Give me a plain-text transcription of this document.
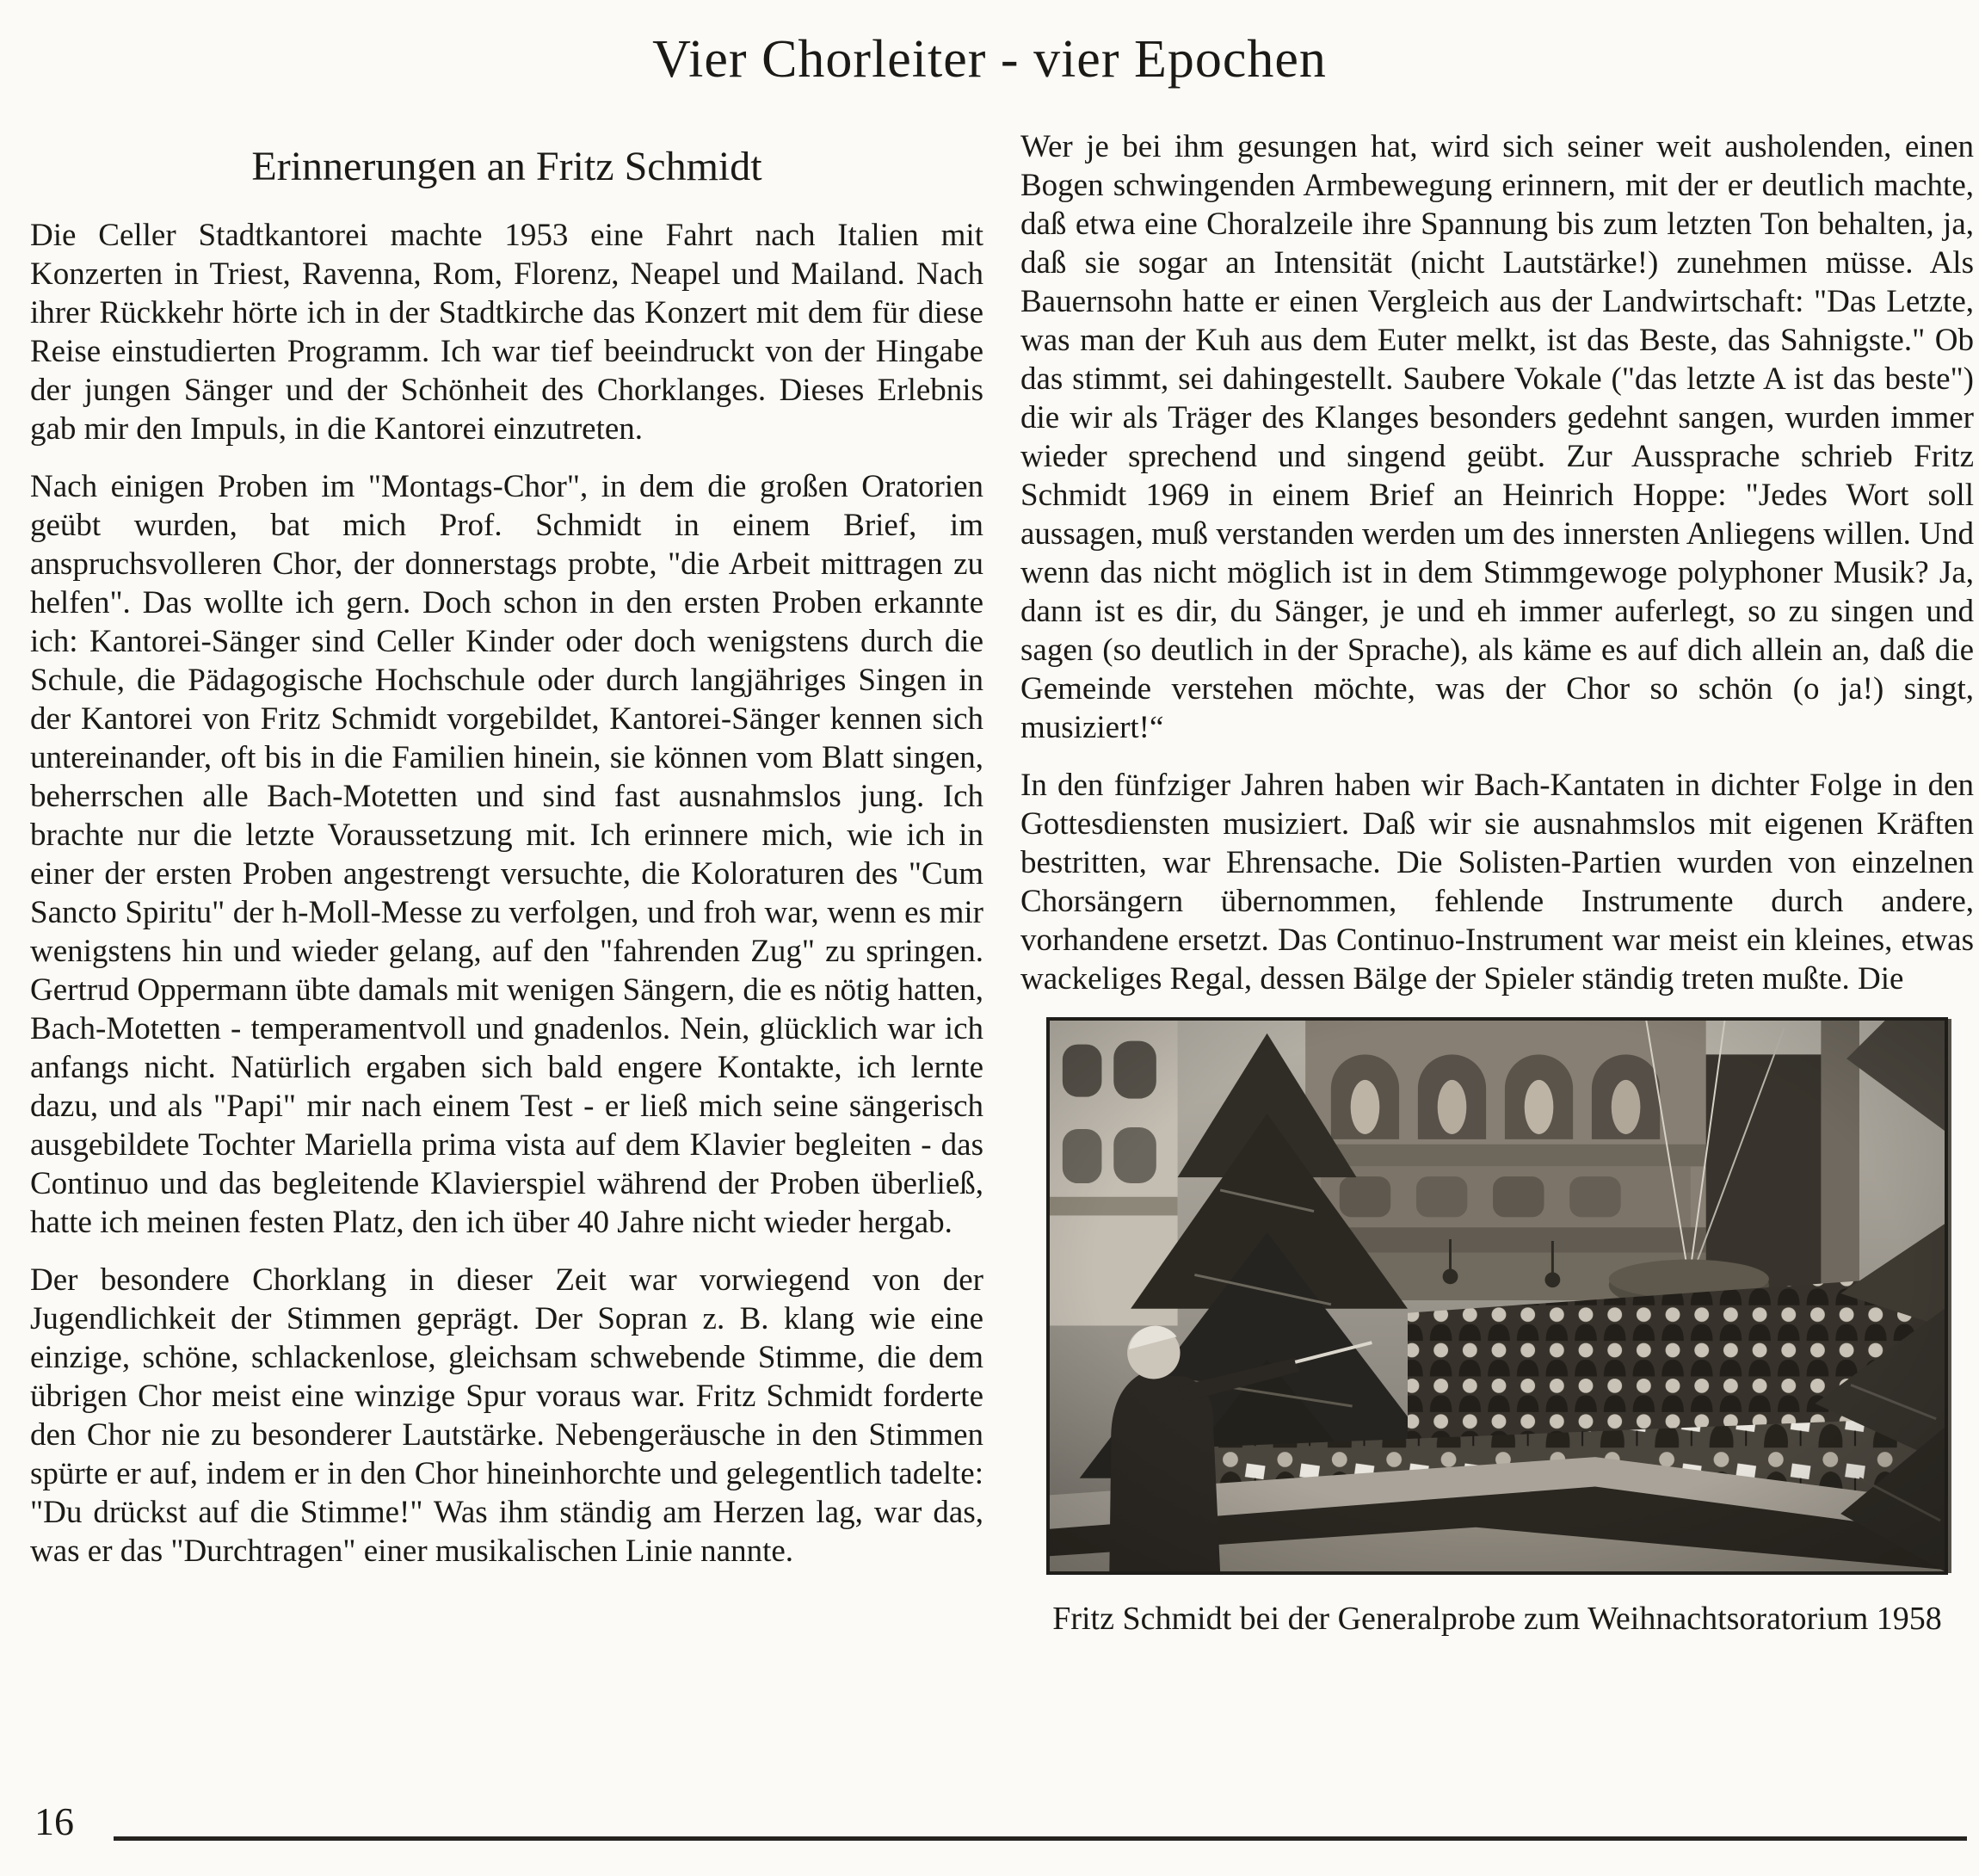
Vier Chorleiter - vier Epochen
Erinnerungen an Fritz Schmidt

Die Celler Stadtkantorei machte 1953 eine Fahrt nach Italien mit Konzerten in Triest, Ravenna, Rom, Florenz, Neapel und Mailand. Nach ihrer Rückkehr hörte ich in der Stadtkirche das Konzert mit dem für diese Reise einstudierten Programm. Ich war tief beeindruckt von der Hingabe der jungen Sänger und der Schönheit des Chorklanges. Dieses Erlebnis gab mir den Impuls, in die Kantorei einzutreten.

Nach einigen Proben im "Montags-Chor", in dem die großen Oratorien geübt wurden, bat mich Prof. Schmidt in einem Brief, im anspruchsvolleren Chor, der donnerstags probte, "die Arbeit mittragen zu helfen". Das wollte ich gern. Doch schon in den ersten Proben erkannte ich: Kantorei-Sänger sind Celler Kinder oder doch wenigstens durch die Schule, die Pädagogische Hochschule oder durch langjähriges Singen in der Kantorei von Fritz Schmidt vorgebildet, Kantorei-Sänger kennen sich untereinander, oft bis in die Familien hinein, sie können vom Blatt singen, beherrschen alle Bach-Motetten und sind fast ausnahmslos jung. Ich brachte nur die letzte Voraussetzung mit. Ich erinnere mich, wie ich in einer der ersten Proben angestrengt versuchte, die Koloraturen des "Cum Sancto Spiritu" der h-Moll-Messe zu verfolgen, und froh war, wenn es mir wenigstens hin und wieder gelang, auf den "fahrenden Zug" zu springen. Gertrud Oppermann übte damals mit wenigen Sängern, die es nötig hatten, Bach-Motetten - temperamentvoll und gnadenlos. Nein, glücklich war ich anfangs nicht. Natürlich ergaben sich bald engere Kontakte, ich lernte dazu, und als "Papi" mir nach einem Test - er ließ mich seine sängerisch ausgebildete Tochter Mariella prima vista auf dem Klavier begleiten - das Continuo und das begleitende Klavierspiel während der Proben überließ, hatte ich meinen festen Platz, den ich über 40 Jahre nicht wieder hergab.

Der besondere Chorklang in dieser Zeit war vorwiegend von der Jugendlichkeit der Stimmen geprägt. Der Sopran z. B. klang wie eine einzige, schöne, schlackenlose, gleichsam schwebende Stimme, die dem übrigen Chor meist eine winzige Spur voraus war. Fritz Schmidt forderte den Chor nie zu besonderer Lautstärke. Nebengeräusche in den Stimmen spürte er auf, indem er in den Chor hineinhorchte und gelegentlich tadelte: "Du drückst auf die Stimme!" Was ihm ständig am Herzen lag, war das, was er das "Durchtragen" einer musikalischen Linie nannte.

Wer je bei ihm gesungen hat, wird sich seiner weit ausholenden, einen Bogen schwingenden Armbewegung erinnern, mit der er deutlich machte, daß etwa eine Choralzeile ihre Spannung bis zum letzten Ton behalten, ja, daß sie sogar an Intensität (nicht Lautstärke!) zunehmen müsse. Als Bauernsohn hatte er einen Vergleich aus der Landwirtschaft: "Das Letzte, was man der Kuh aus dem Euter melkt, ist das Beste, das Sahnigste." Ob das stimmt, sei dahingestellt. Saubere Vokale ("das letzte A ist das beste") die wir als Träger des Klanges besonders gedehnt sangen, wurden immer wieder sprechend und singend geübt. Zur Aussprache schrieb Fritz Schmidt 1969 in einem Brief an Heinrich Hoppe: "Jedes Wort soll aussagen, muß verstanden werden um des innersten Anliegens willen. Und wenn das nicht möglich ist in dem Stimmgewoge polyphoner Musik? Ja, dann ist es dir, du Sänger, je und eh immer auferlegt, so zu singen und sagen (so deutlich in der Sprache), als käme es auf dich allein an, daß die Gemeinde verstehen möchte, was der Chor so schön (o ja!) singt, musiziert!“

In den fünfziger Jahren haben wir Bach-Kantaten in dichter Folge in den Gottesdiensten musiziert. Daß wir sie ausnahmslos mit eigenen Kräften bestritten, war Ehrensache. Die Solisten-Partien wurden von einzelnen Chorsängern übernommen, fehlende Instrumente durch andere, vorhandene ersetzt. Das Continuo-Instrument war meist ein kleines, etwas wackeliges Regal, dessen Bälge der Spieler ständig treten mußte. Die

Fritz Schmidt bei der Generalprobe zum Weihnachtsoratorium 1958
16
